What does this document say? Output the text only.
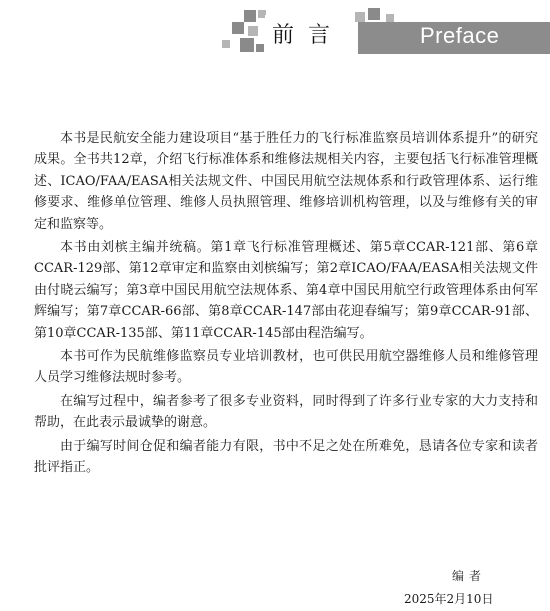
前言	Preface

本书是民航安全能力建设项目“基于胜任力的飞行标准监察员培训体系提升”的研究成果。全书共12章，介绍飞行标准体系和维修法规相关内容，主要包括飞行标准管理概述、ICAO/FAA/EASA相关法规文件、中国民用航空法规体系和行政管理体系、运行维修要求、维修单位管理、维修人员执照管理、维修培训机构管理，以及与维修有关的审定和监察等。

本书由刘槟主编并统稿。第1章飞行标准管理概述、第5章CCAR-121部、第6章CCAR-129部、第12章审定和监察由刘槟编写；第2章ICAO/FAA/EASA相关法规文件由付晓云编写；第3章中国民用航空法规体系、第4章中国民用航空行政管理体系由何军辉编写；第7章CCAR-66部、第8章CCAR-147部由花迎春编写；第9章CCAR-91部、第10章CCAR-135部、第11章CCAR-145部由程浩编写。

本书可作为民航维修监察员专业培训教材，也可供民用航空器维修人员和维修管理人员学习维修法规时参考。

在编写过程中，编者参考了很多专业资料，同时得到了许多行业专家的大力支持和帮助，在此表示最诚挚的谢意。

由于编写时间仓促和编者能力有限，书中不足之处在所难免，恳请各位专家和读者批评指正。

编者
2025年2月10日
